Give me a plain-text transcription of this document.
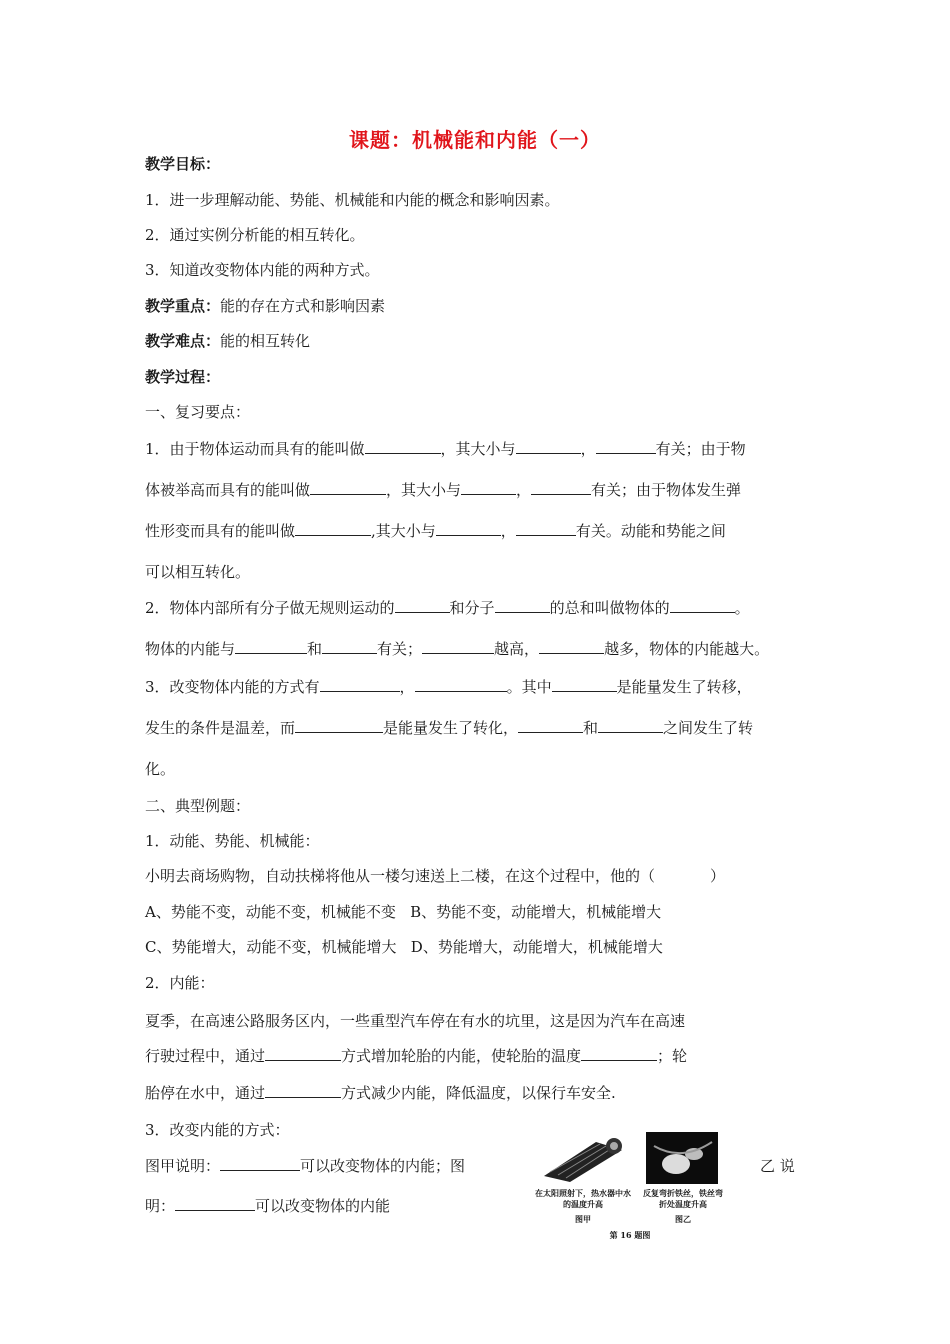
课题：机械能和内能（一）
教学目标：
1．进一步理解动能、势能、机械能和内能的概念和影响因素。
2．通过实例分析能的相互转化。
3．知道改变物体内能的两种方式。
教学重点：能的存在方式和影响因素
教学难点：能的相互转化
教学过程：
一、复习要点：
1．由于物体运动而具有的能叫做	，其大小与	，	有关；由于物
体被举高而具有的能叫做	，其大小与	，	有关；由于物体发生弹
性形变而具有的能叫做	,其大小与	，	有关。动能和势能之间
可以相互转化。
2．物体内部所有分子做无规则运动的	和分子	的总和叫做物体的	。
物体的内能与	和	有关；	越高，	越多，物体的内能越大。
3．改变物体内能的方式有	，	。其中	是能量发生了转移，
发生的条件是温差，而	是能量发生了转化，	和	之间发生了转
化。
二、典型例题：
1．动能、势能、机械能：
小明去商场购物，自动扶梯将他从一楼匀速送上二楼，在这个过程中，他的（	）
A、势能不变，动能不变，机械能不变 B、势能不变，动能增大，机械能增大
C、势能增大，动能不变，机械能增大 D、势能增大，动能增大，机械能增大
2．内能：
夏季，在高速公路服务区内，一些重型汽车停在有水的坑里，这是因为汽车在高速
行驶过程中，通过	方式增加轮胎的内能，使轮胎的温度	；轮
胎停在水中，通过	方式减少内能，降低温度，以保行车安全.
3．改变内能的方式：
图甲说明：	可以改变物体的内能；图	乙 说
明：	可以改变物体的内能
在太阳照射下，热水器中水的温度升高
图甲
反复弯折铁丝，铁丝弯折处温度升高
图乙
第 16 题图
